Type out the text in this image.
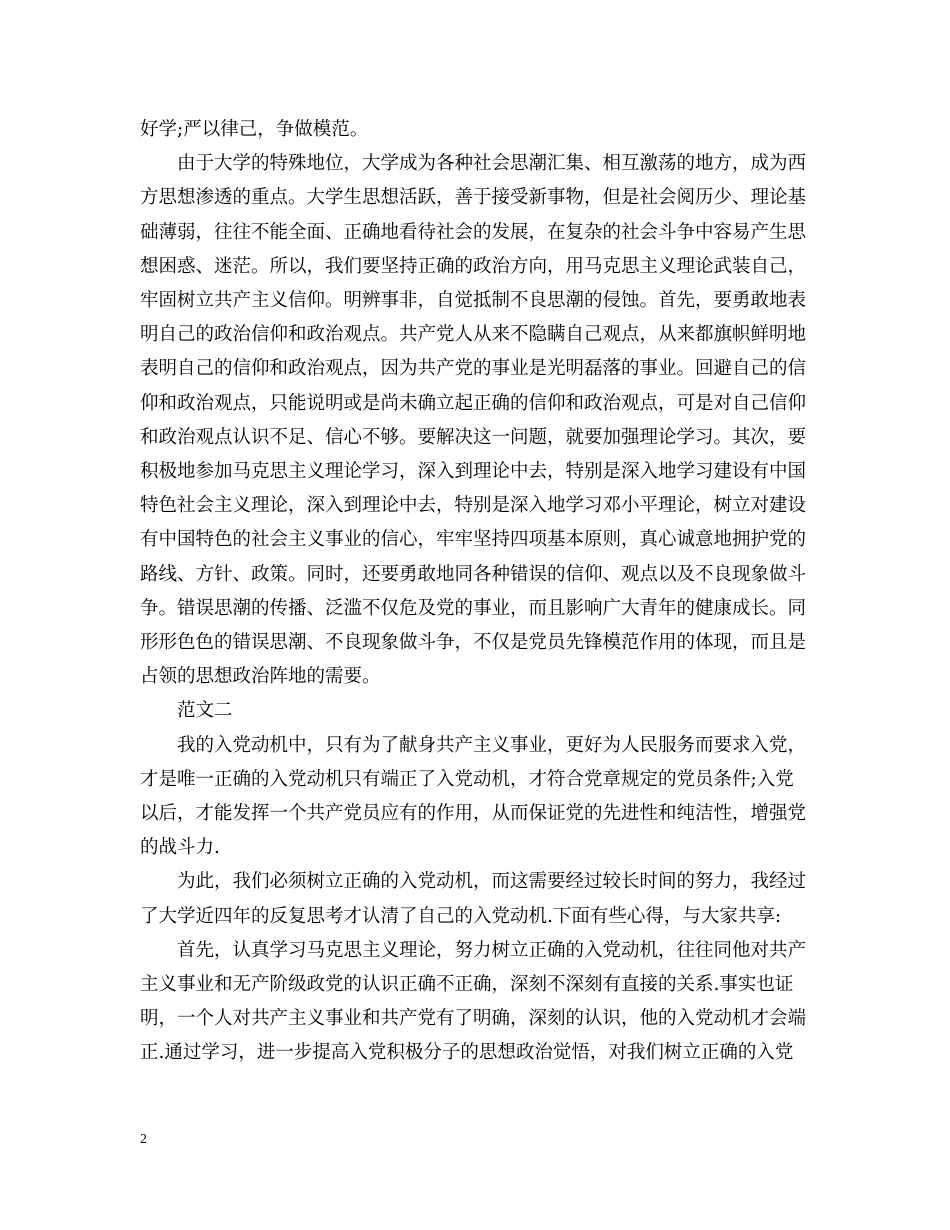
好学;严以律己，争做模范。

由于大学的特殊地位，大学成为各种社会思潮汇集、相互激荡的地方，成为西

方思想渗透的重点。大学生思想活跃，善于接受新事物，但是社会阅历少、理论基

础薄弱，往往不能全面、正确地看待社会的发展，在复杂的社会斗争中容易产生思

想困惑、迷茫。所以，我们要坚持正确的政治方向，用马克思主义理论武装自己，

牢固树立共产主义信仰。明辨事非，自觉抵制不良思潮的侵蚀。首先，要勇敢地表

明自己的政治信仰和政治观点。共产党人从来不隐瞒自己观点，从来都旗帜鲜明地

表明自己的信仰和政治观点，因为共产党的事业是光明磊落的事业。回避自己的信

仰和政治观点，只能说明或是尚未确立起正确的信仰和政治观点，可是对自己信仰

和政治观点认识不足、信心不够。要解决这一问题，就要加强理论学习。其次，要

积极地参加马克思主义理论学习，深入到理论中去，特别是深入地学习建设有中国

特色社会主义理论，深入到理论中去，特别是深入地学习邓小平理论，树立对建设

有中国特色的社会主义事业的信心，牢牢坚持四项基本原则，真心诚意地拥护党的

路线、方针、政策。同时，还要勇敢地同各种错误的信仰、观点以及不良现象做斗

争。错误思潮的传播、泛滥不仅危及党的事业，而且影响广大青年的健康成长。同

形形色色的错误思潮、不良现象做斗争，不仅是党员先锋模范作用的体现，而且是

占领的思想政治阵地的需要。

范文二

我的入党动机中，只有为了献身共产主义事业，更好为人民服务而要求入党，

才是唯一正确的入党动机只有端正了入党动机，才符合党章规定的党员条件;入党

以后，才能发挥一个共产党员应有的作用，从而保证党的先进性和纯洁性，增强党

的战斗力.

为此，我们必须树立正确的入党动机，而这需要经过较长时间的努力，我经过

了大学近四年的反复思考才认清了自己的入党动机.下面有些心得，与大家共享:

首先，认真学习马克思主义理论，努力树立正确的入党动机，往往同他对共产

主义事业和无产阶级政党的认识正确不正确，深刻不深刻有直接的关系.事实也证

明，一个人对共产主义事业和共产党有了明确，深刻的认识，他的入党动机才会端

正.通过学习，进一步提高入党积极分子的思想政治觉悟，对我们树立正确的入党

2
